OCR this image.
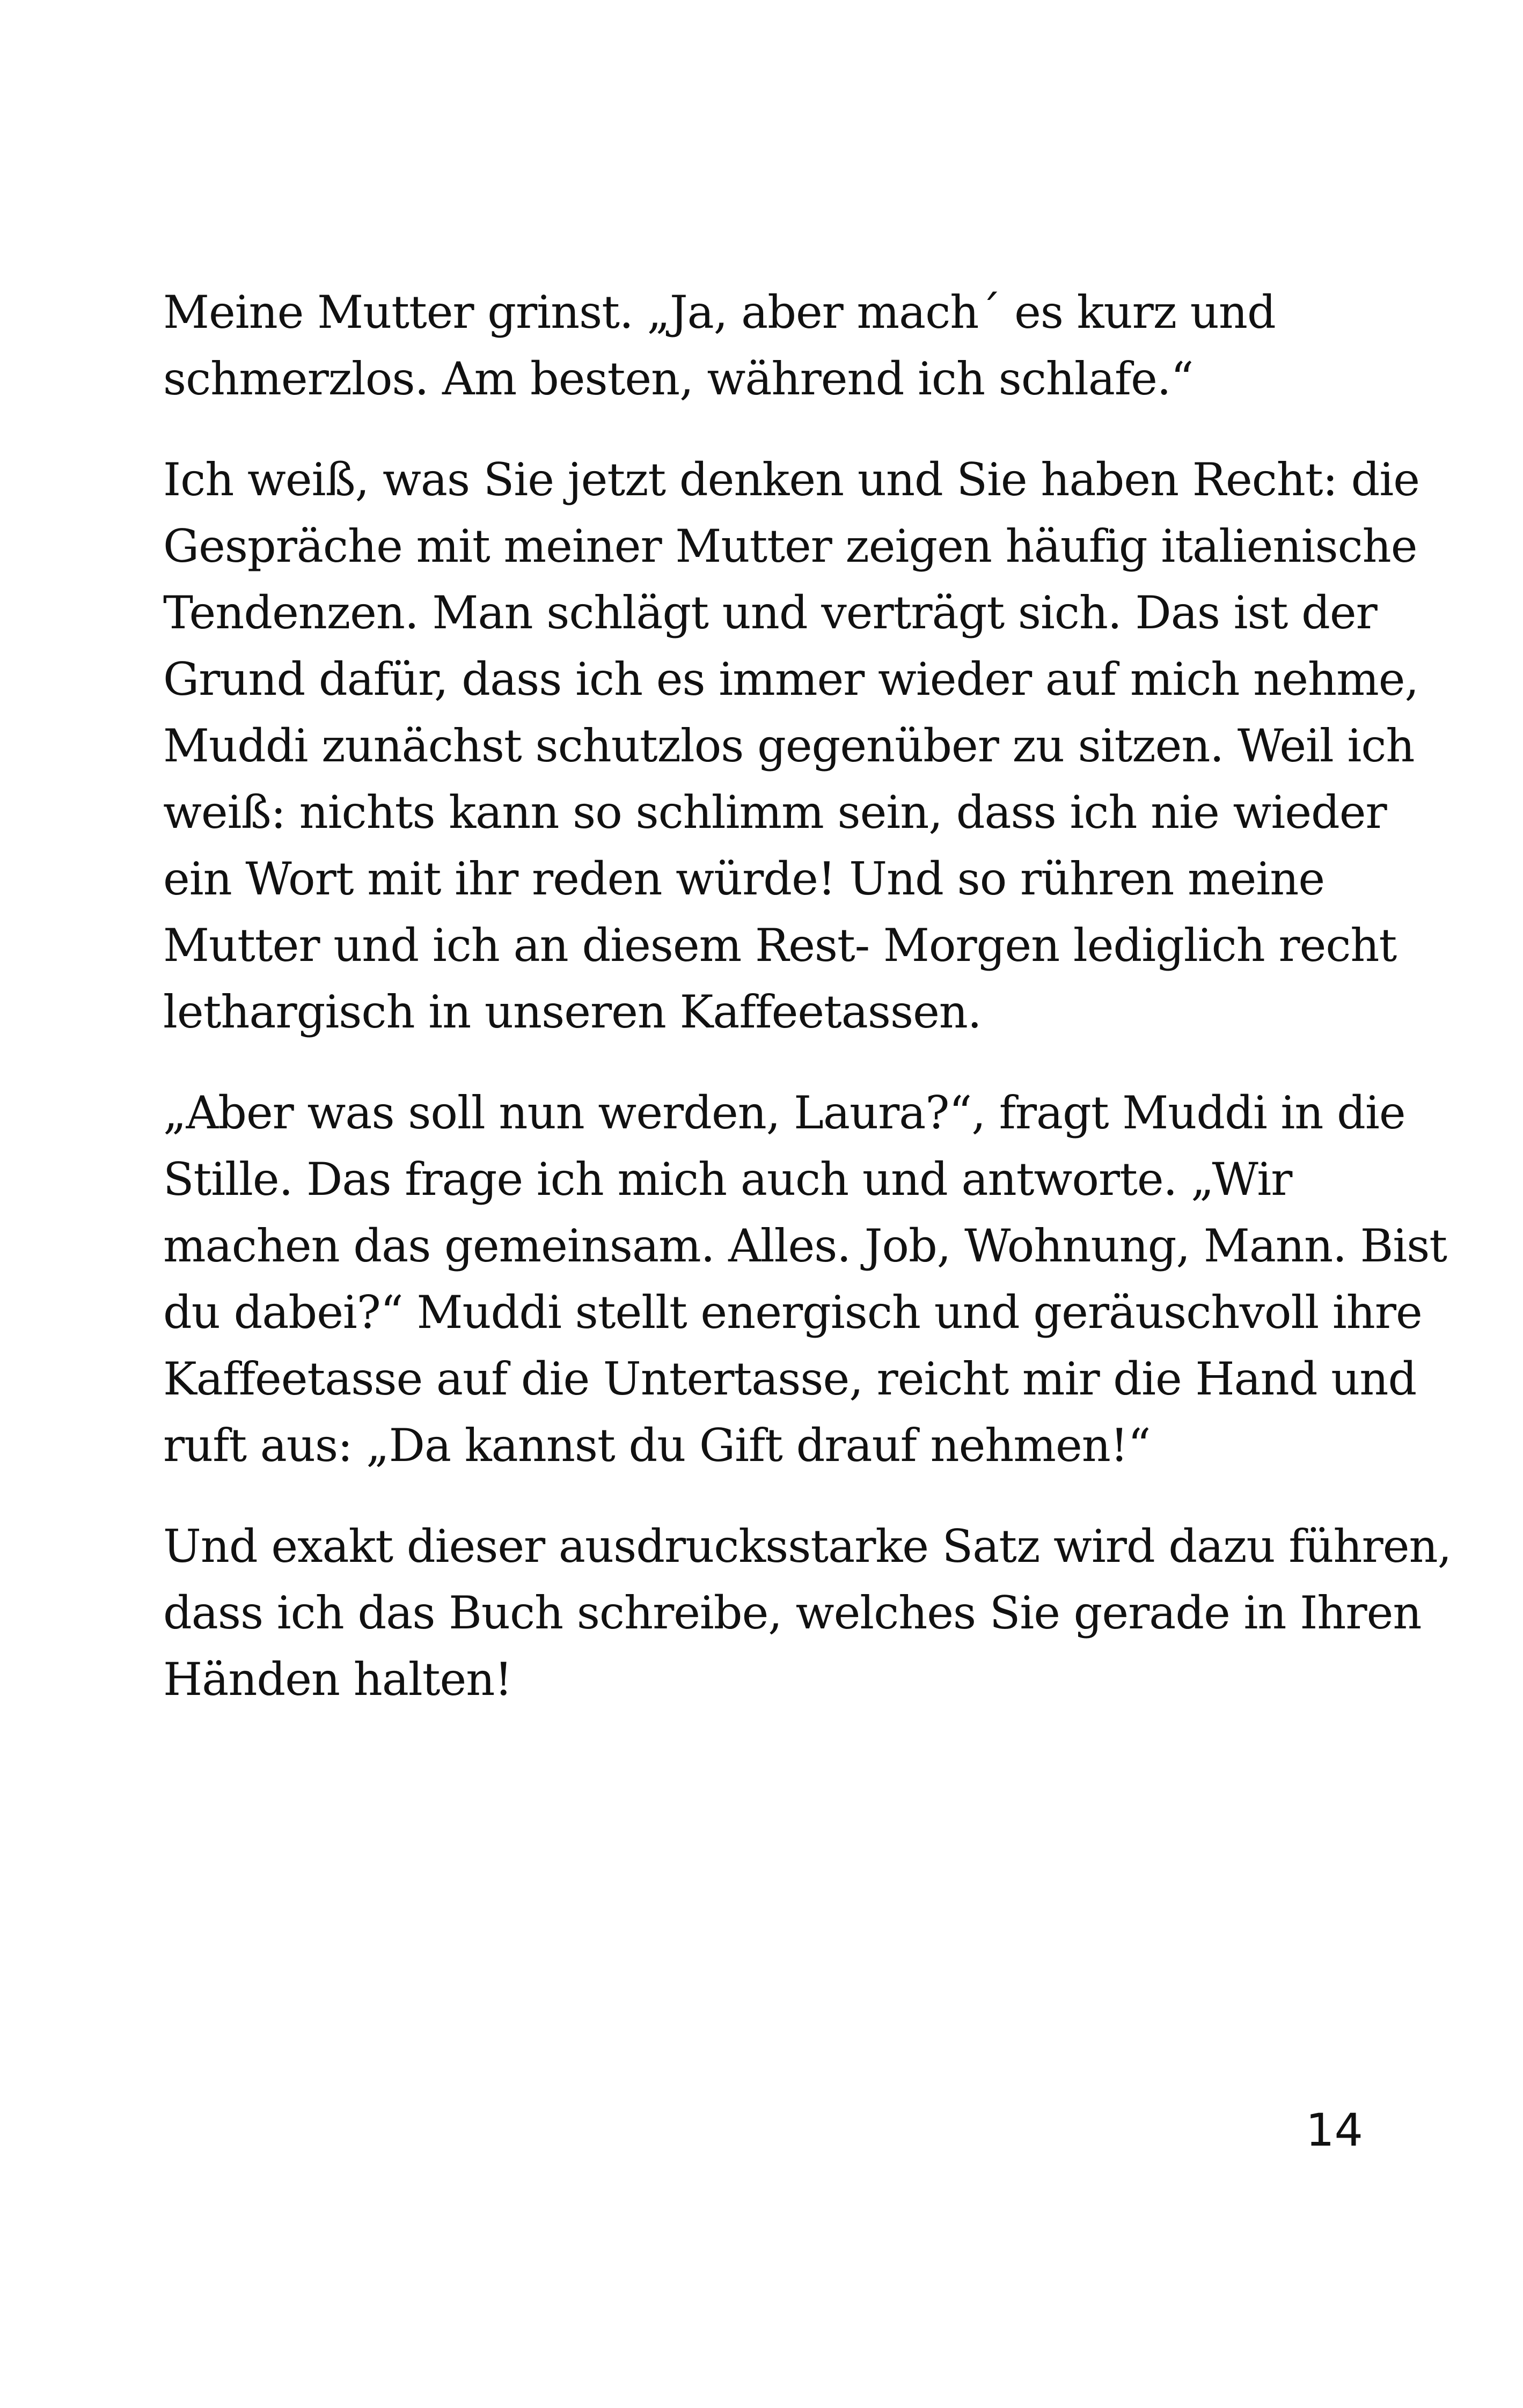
Meine Mutter grinst. „Ja, aber mach´ es kurz und
schmerzlos. Am besten, während ich schlafe.“
Ich weiß, was Sie jetzt denken und Sie haben Recht: die
Gespräche mit meiner Mutter zeigen häufig italienische
Tendenzen. Man schlägt und verträgt sich. Das ist der
Grund dafür, dass ich es immer wieder auf mich nehme,
Muddi zunächst schutzlos gegenüber zu sitzen. Weil ich
weiß: nichts kann so schlimm sein, dass ich nie wieder
ein Wort mit ihr reden würde! Und so rühren meine
Mutter und ich an diesem Rest- Morgen lediglich recht
lethargisch in unseren Kaffeetassen.
„Aber was soll nun werden, Laura?“, fragt Muddi in die
Stille. Das frage ich mich auch und antworte. „Wir
machen das gemeinsam. Alles. Job, Wohnung, Mann. Bist
du dabei?“ Muddi stellt energisch und geräuschvoll ihre
Kaffeetasse auf die Untertasse, reicht mir die Hand und
ruft aus: „Da kannst du Gift drauf nehmen!“
Und exakt dieser ausdrucksstarke Satz wird dazu führen,
dass ich das Buch schreibe, welches Sie gerade in Ihren
Händen halten!
14
